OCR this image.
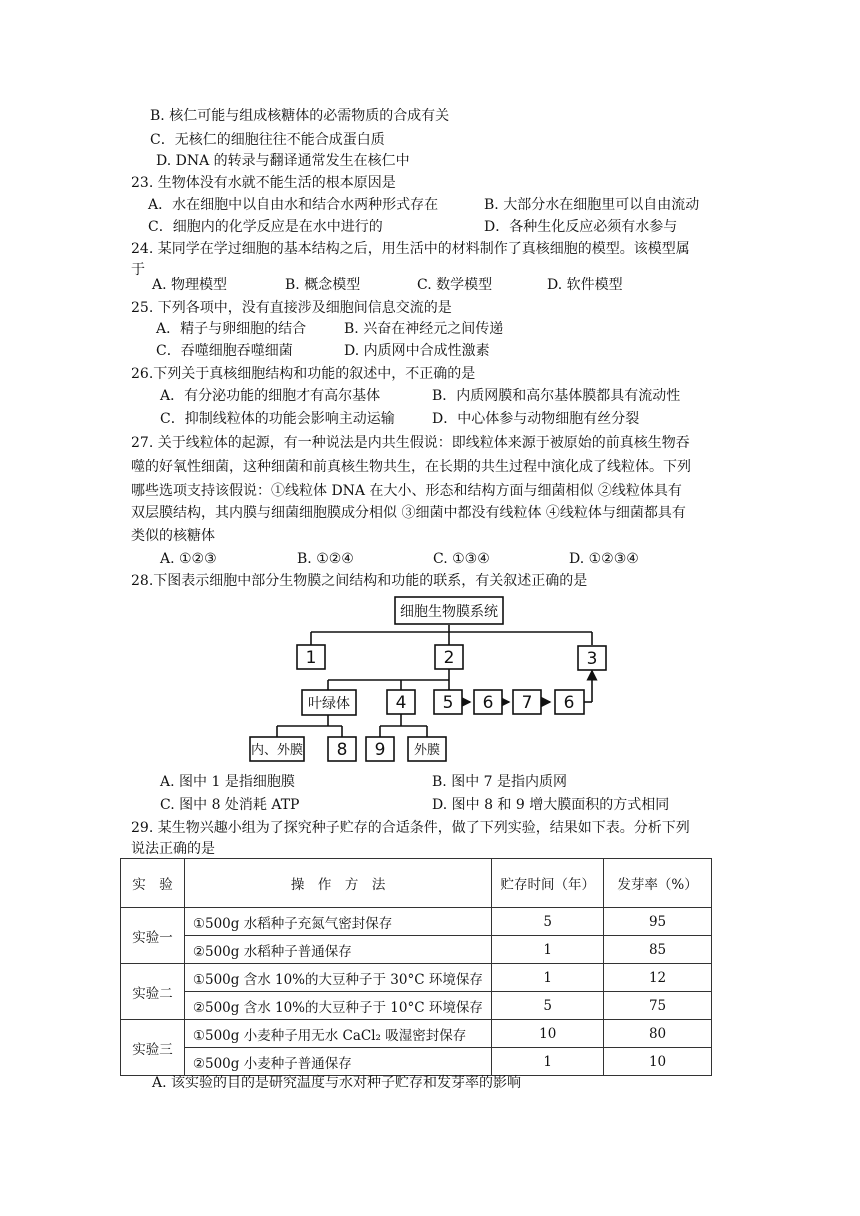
B. 核仁可能与组成核糖体的必需物质的合成有关
C．无核仁的细胞往往不能合成蛋白质
D. DNA 的转录与翻译通常发生在核仁中
23. 生物体没有水就不能生活的根本原因是
A．水在细胞中以自由水和结合水两种形式存在	B. 大部分水在细胞里可以自由流动
C．细胞内的化学反应是在水中进行的	D．各种生化反应必须有水参与
24. 某同学在学过细胞的基本结构之后，用生活中的材料制作了真核细胞的模型。该模型属
于
A. 物理模型	B. 概念模型	C. 数学模型	D. 软件模型
25. 下列各项中，没有直接涉及细胞间信息交流的是
A．精子与卵细胞的结合	B. 兴奋在神经元之间传递
C．吞噬细胞吞噬细菌	D. 内质网中合成性激素
26.下列关于真核细胞结构和功能的叙述中，不正确的是
A．有分泌功能的细胞才有高尔基体	B．内质网膜和高尔基体膜都具有流动性
C．抑制线粒体的功能会影响主动运输	D．中心体参与动物细胞有丝分裂
27. 关于线粒体的起源，有一种说法是内共生假说：即线粒体来源于被原始的前真核生物吞
噬的好氧性细菌，这种细菌和前真核生物共生，在长期的共生过程中演化成了线粒体。下列
哪些选项支持该假说：①线粒体 DNA 在大小、形态和结构方面与细菌相似 ②线粒体具有
双层膜结构，其内膜与细菌细胞膜成分相似 ③细菌中都没有线粒体 ④线粒体与细菌都具有
类似的核糖体
A. ①②③	B. ①②④	C. ①③④	D. ①②③④
28.下图表示细胞中部分生物膜之间结构和功能的联系，有关叙述正确的是
细胞生物膜系统
1	2	3
叶绿体	4 5 6 7 6
内、外膜 8 9 外膜
A. 图中 1 是指细胞膜	B. 图中 7 是指内质网
C. 图中 8 处消耗 ATP	D. 图中 8 和 9 增大膜面积的方式相同
29. 某生物兴趣小组为了探究种子贮存的合适条件，做了下列实验，结果如下表。分析下列
说法正确的是
实　验	操　作　方　法	贮存时间（年）	发芽率（%）
实验一	①500g 水稻种子充氮气密封保存	5	95
	②500g 水稻种子普通保存	1	85
实验二	①500g 含水 10%的大豆种子于 30°C 环境保存	1	12
	②500g 含水 10%的大豆种子于 10°C 环境保存	5	75
实验三	①500g 小麦种子用无水 CaCl₂ 吸湿密封保存	10	80
	②500g 小麦种子普通保存	1	10
A. 该实验的目的是研究温度与水对种子贮存和发芽率的影响
